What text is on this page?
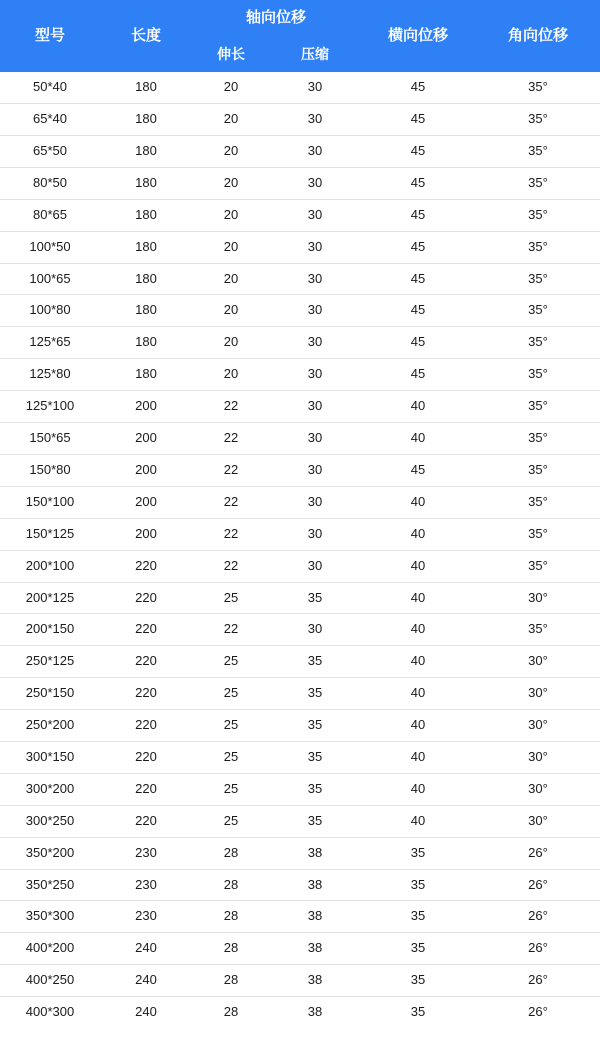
型号	长度	轴向位移		横向位移	角向位移
		伸长	压缩		
50*40	180	20	30	45	35°
65*40	180	20	30	45	35°
65*50	180	20	30	45	35°
80*50	180	20	30	45	35°
80*65	180	20	30	45	35°
100*50	180	20	30	45	35°
100*65	180	20	30	45	35°
100*80	180	20	30	45	35°
125*65	180	20	30	45	35°
125*80	180	20	30	45	35°
125*100	200	22	30	40	35°
150*65	200	22	30	40	35°
150*80	200	22	30	45	35°
150*100	200	22	30	40	35°
150*125	200	22	30	40	35°
200*100	220	22	30	40	35°
200*125	220	25	35	40	30°
200*150	220	22	30	40	35°
250*125	220	25	35	40	30°
250*150	220	25	35	40	30°
250*200	220	25	35	40	30°
300*150	220	25	35	40	30°
300*200	220	25	35	40	30°
300*250	220	25	35	40	30°
350*200	230	28	38	35	26°
350*250	230	28	38	35	26°
350*300	230	28	38	35	26°
400*200	240	28	38	35	26°
400*250	240	28	38	35	26°
400*300	240	28	38	35	26°
